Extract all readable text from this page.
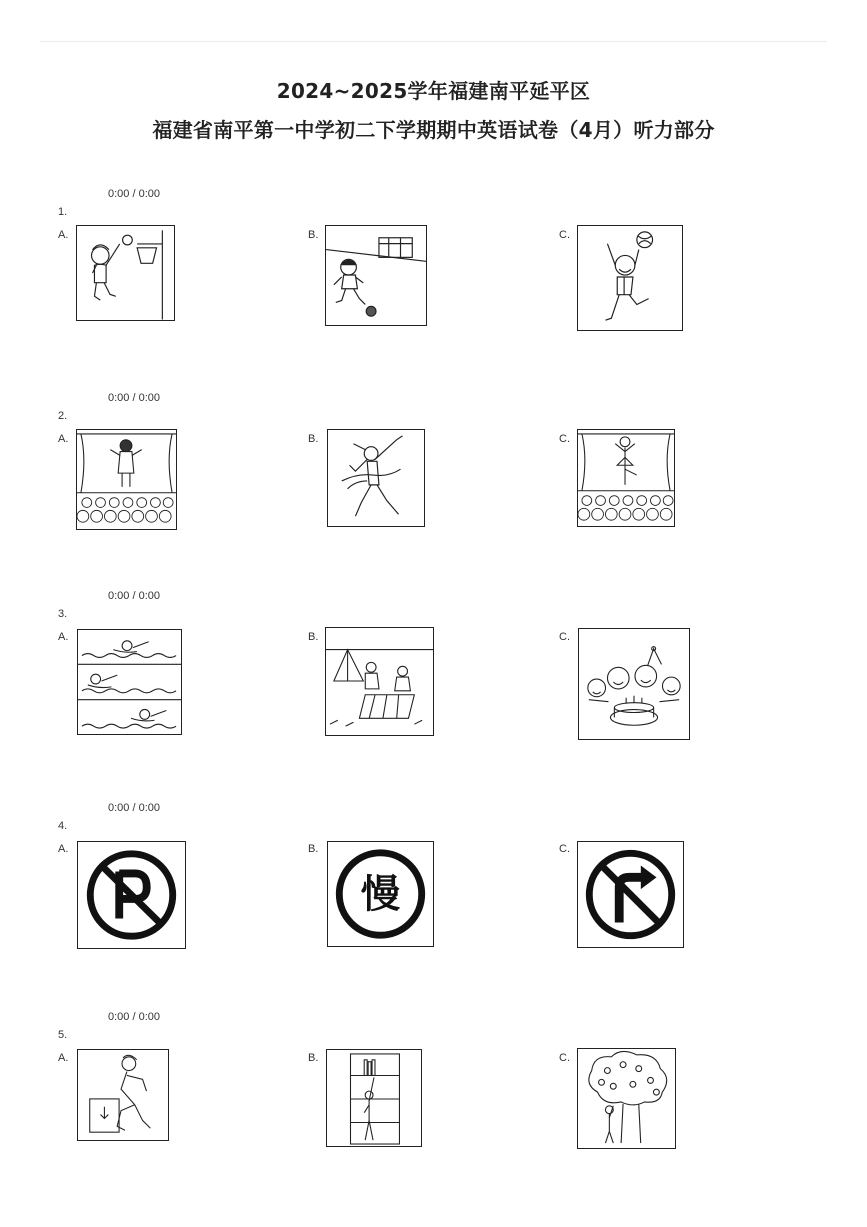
2024~2025学年福建南平延平区
福建省南平第一中学初二下学期期中英语试卷（4月）听力部分
0:00 / 0:00
1.
A.	B.	C.
0:00 / 0:00
2.
A.	B.	C.
0:00 / 0:00
3.
A.	B.	C.
0:00 / 0:00
4.
A.	B.
慢
C.
0:00 / 0:00
5.
A.	B.	C.
